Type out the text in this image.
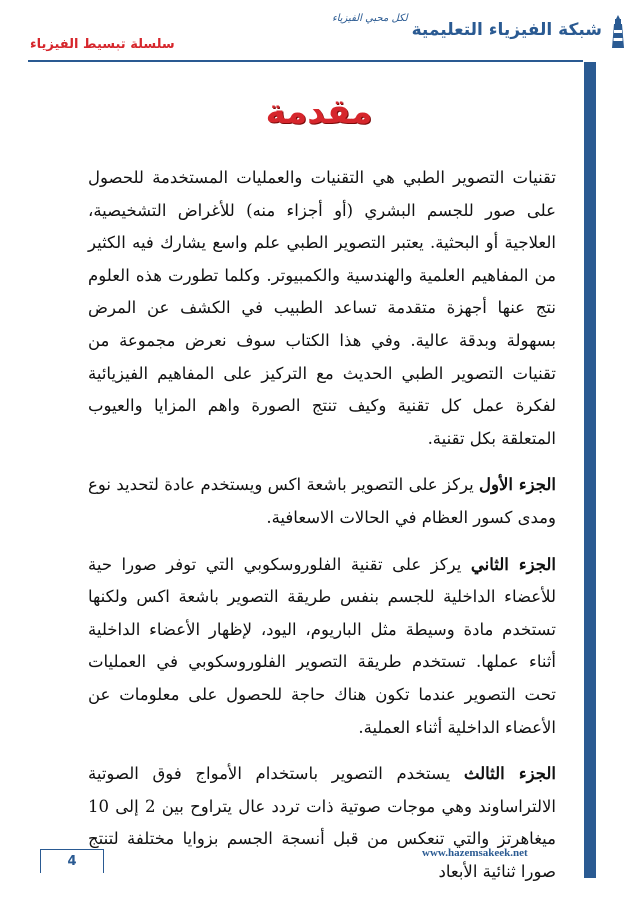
شبكة الفيزياء التعليمية
لكل محبي الفيزياء
سلسلة تبسيط الفيزياء
مقدمة

تقنيات التصوير الطبي هي التقنيات والعمليات المستخدمة للحصول على صور للجسم البشري (أو أجزاء منه) للأغراض التشخيصية، العلاجية أو البحثية. يعتبر التصوير الطبي علم واسع يشارك فيه الكثير من المفاهيم العلمية والهندسية والكمبيوتر. وكلما تطورت هذه العلوم نتج عنها أجهزة متقدمة تساعد الطبيب في الكشف عن المرض بسهولة وبدقة عالية. وفي هذا الكتاب سوف نعرض مجموعة من تقنيات التصوير الطبي الحديث مع التركيز على المفاهيم الفيزيائية لفكرة عمل كل تقنية وكيف تنتج الصورة واهم المزايا والعيوب المتعلقة بكل تقنية.

الجزء الأول يركز على التصوير باشعة اكس ويستخدم عادة لتحديد نوع ومدى كسور العظام في الحالات الاسعافية.

الجزء الثاني يركز على تقنية الفلوروسكوبي التي توفر صورا حية للأعضاء الداخلية للجسم بنفس طريقة التصوير باشعة اكس ولكنها تستخدم مادة وسيطة مثل الباريوم، اليود، لإظهار الأعضاء الداخلية أثناء عملها. تستخدم طريقة التصوير الفلوروسكوبي في العمليات تحت التصوير عندما تكون هناك حاجة للحصول على معلومات عن الأعضاء الداخلية أثناء العملية.

الجزء الثالث يستخدم التصوير باستخدام الأمواج فوق الصوتية الالتراساوند وهي موجات صوتية ذات تردد عال يتراوح بين 2 إلى 10 ميغاهرتز والتي تنعكس من قبل أنسجة الجسم بزوايا مختلفة لتنتج صورا ثنائية الأبعاد

www.hazemsakeek.net
4
